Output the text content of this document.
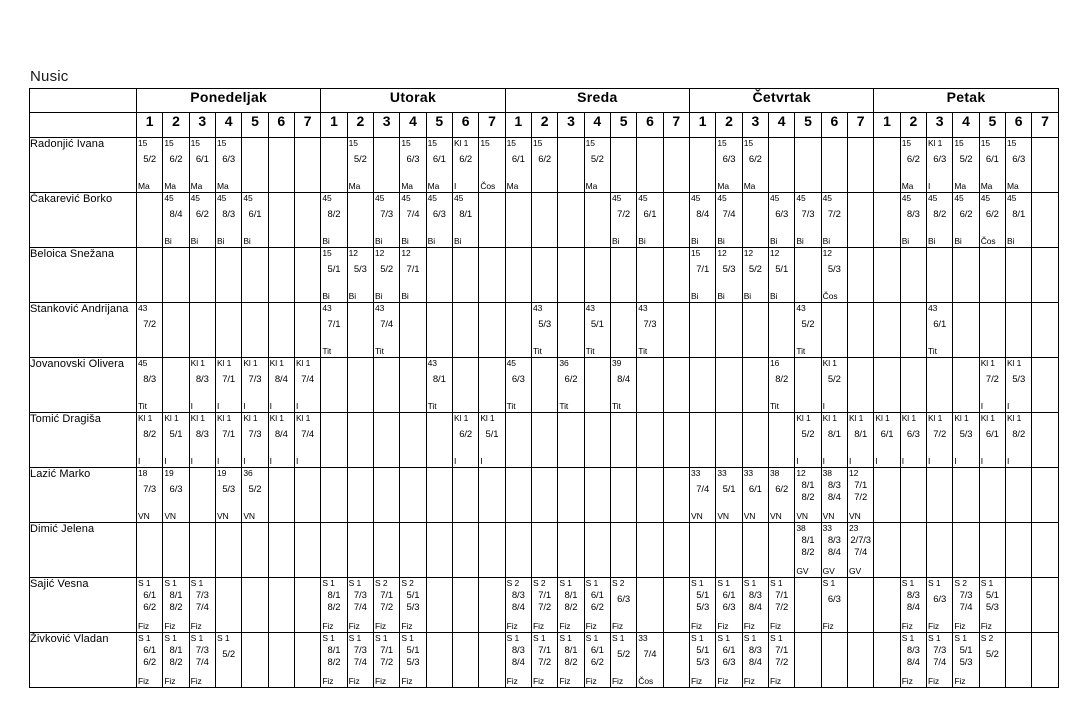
Nusic
	Ponedeljak							Utorak							Sreda							Četvrtak							Petak						
	1	2	3	4	5	6	7	1	2	3	4	5	6	7	1	2	3	4	5	6	7	1	2	3	4	5	6	7	1	2	3	4	5	6	7
Radonjić Ivana	15
5/2
Ma	15
6/2
Ma	15
6/1
Ma	15
6/3
Ma					15
5/2
Ma		15
6/3
Ma	15
6/1
Ma	Kl 1
6/2
I	15
Čos	15
6/1
Ma	15
6/2		15
5/2
Ma					15
6/3
Ma	15
6/2
Ma						15
6/2
Ma	Kl 1
6/3
I	15
5/2
Ma	15
6/1
Ma	15
6/3
Ma	

Čakarević Borko		45
8/4
Bi	45
6/2
Bi	45
8/3
Bi	45
6/1
Bi			45
8/2
Bi		45
7/3
Bi	45
7/4
Bi	45
6/3
Bi	45
8/1
Bi						45
7/2
Bi	45
6/1
Bi		45
8/4
Bi	45
7/4
Bi		45
6/3
Bi	45
7/3
Bi	45
7/2
Bi			45
8/3
Bi	45
8/2
Bi	45
6/2
Bi	45
6/2
Čos	45
8/1
Bi	

Beloica Snežana								15
5/1
Bi	12
5/3
Bi	12
5/2
Bi	12
7/1
Bi											15
7/1
Bi	12
5/3
Bi	12
5/2
Bi	12
5/1
Bi		12
5/3
Čos								

Stanković Andrijana	43
7/2							43
7/1
Tit		43
7/4
Tit						43
5/3
Tit		43
5/1
Tit		43
7/3
Tit						43
5/2
Tit					43
6/1
Tit				

Jovanovski Olivera	45
8/3
Tit		Kl 1
8/3
I	Kl 1
7/1
I	Kl 1
7/3
I	Kl 1
8/4
I	Kl 1
7/4
I					43
8/1
Tit			45
6/3
Tit		36
6/2
Tit		39
8/4
Tit						16
8/2
Tit		Kl 1
5/2
I						Kl 1
7/2
I	Kl 1
5/3
I	

Tomić Dragiša	Kl 1
8/2
I	Kl 1
5/1
I	Kl 1
8/3
I	Kl 1
7/1
I	Kl 1
7/3
I	Kl 1
8/4
I	Kl 1
7/4
I						Kl 1
6/2
I	Kl 1
5/1
I												Kl 1
5/2
I	Kl 1
8/1
I	Kl 1
8/1
I	Kl 1
6/1
I	Kl 1
6/3
I	Kl 1
7/2
I	Kl 1
5/3
I	Kl 1
6/1
I	Kl 1
8/2
I	

Lazić Marko	18
7/3
VN	19
6/3
VN		19
5/3
VN	36
5/2
VN																	33
7/4
VN	33
5/1
VN	33
6/1
VN	38
6/2
VN	12
8/1
8/2
VN	38
8/3
8/4
VN	12
7/1
7/2
VN							

Dimić Jelena																										38
8/1
8/2
GV	33
8/3
8/4
GV	23
2/7/3
7/4
GV							

Sajić Vesna	S 1
6/1
6/2
Fiz	S 1
8/1
8/2
Fiz	S 1
7/3
7/4
Fiz					S 1
8/1
8/2
Fiz	S 1
7/3
7/4
Fiz	S 2
7/1
7/2
Fiz	S 2
5/1
5/3
Fiz				S 2
8/3
8/4
Fiz	S 2
7/1
7/2
Fiz	S 1
8/1
8/2
Fiz	S 1
6/1
6/2
Fiz	S 2
6/3
Fiz			S 1
5/1
5/3
Fiz	S 1
6/1
6/3
Fiz	S 1
8/3
8/4
Fiz	S 1
7/1
7/2
Fiz		S 1
6/3
Fiz			S 1
8/3
8/4
Fiz	S 1
6/3
Fiz	S 2
7/3
7/4
Fiz	S 1
5/1
5/3
Fiz		

Živković Vladan	S 1
6/1
6/2
Fiz	S 1
8/1
8/2
Fiz	S 1
7/3
7/4
Fiz	S 1
5/2				S 1
8/1
8/2
Fiz	S 1
7/3
7/4
Fiz	S 1
7/1
7/2
Fiz	S 1
5/1
5/3
Fiz				S 1
8/3
8/4
Fiz	S 1
7/1
7/2
Fiz	S 1
8/1
8/2
Fiz	S 1
6/1
6/2
Fiz	S 1
5/2
Fiz	33
7/4
Čos		S 1
5/1
5/3
Fiz	S 1
6/1
6/3
Fiz	S 1
8/3
8/4
Fiz	S 1
7/1
7/2
Fiz					S 1
8/3
8/4
Fiz	S 1
7/3
7/4
Fiz	S 1
5/1
5/3
Fiz	S 2
5/2		
